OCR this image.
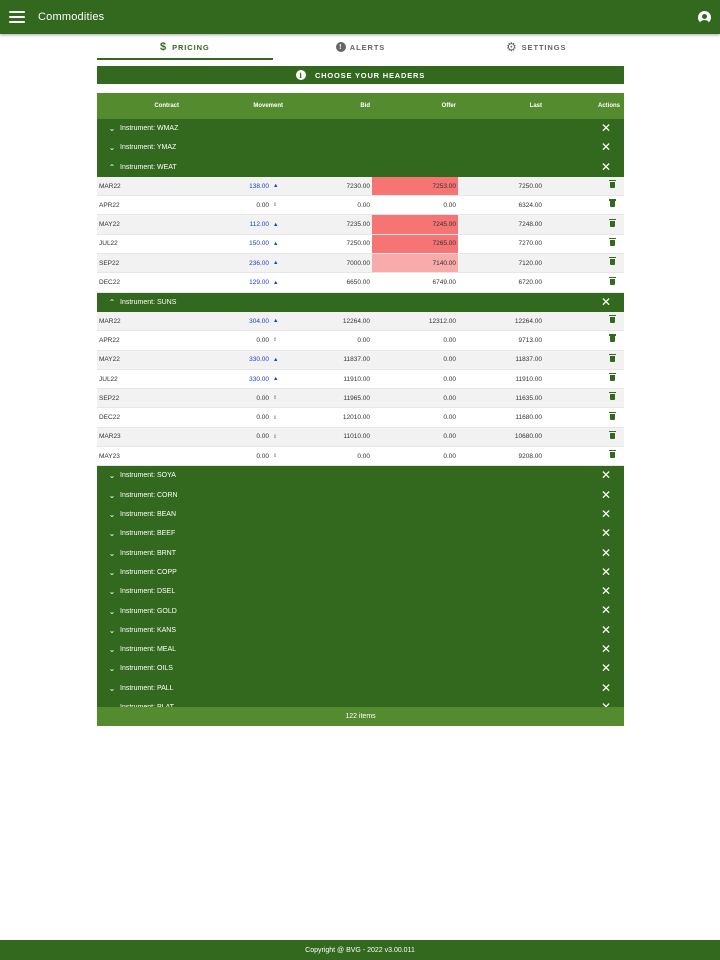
Commodities
$ PRICING	! ALERTS	⚙ SETTINGS
i	CHOOSE YOUR HEADERS
Contract	Movement	Bid	Offer	Last	Actions
⌄ Instrument: WMAZ	✕
⌄ Instrument: YMAZ	✕
⌃ Instrument: WEAT	✕
MAR22	138.00 ▲	7230.00	7253.00	7250.00
APR22	0.00 ⇕	0.00	0.00	6324.00
MAY22	112.00 ▲	7235.00	7245.00	7248.00
JUL22	150.00 ▲	7250.00	7265.00	7270.00
SEP22	236.00 ▲	7000.00	7140.00	7120.00
DEC22	129.00 ▲	6650.00	6749.00	6720.00
⌃ Instrument: SUNS	✕
MAR22	304.00 ▲	12264.00	12312.00	12264.00
APR22	0.00 ⇕	0.00	0.00	9713.00
MAY22	330.00 ▲	11837.00	0.00	11837.00
JUL22	330.00 ▲	11910.00	0.00	11910.00
SEP22	0.00 ⇕	11965.00	0.00	11635.00
DEC22	0.00 ⇕	12010.00	0.00	11680.00
MAR23	0.00 ⇕	11010.00	0.00	10680.00
MAY23	0.00 ⇕	0.00	0.00	9208.00
⌄ Instrument: SOYA	✕
⌄ Instrument: CORN	✕
⌄ Instrument: BEAN	✕
⌄ Instrument: BEEF	✕
⌄ Instrument: BRNT	✕
⌄ Instrument: COPP	✕
⌄ Instrument: DSEL	✕
⌄ Instrument: GOLD	✕
⌄ Instrument: KANS	✕
⌄ Instrument: MEAL	✕
⌄ Instrument: OILS	✕
⌄ Instrument: PALL	✕
122 items
Copyright @ BVG - 2022 v3.00.011
